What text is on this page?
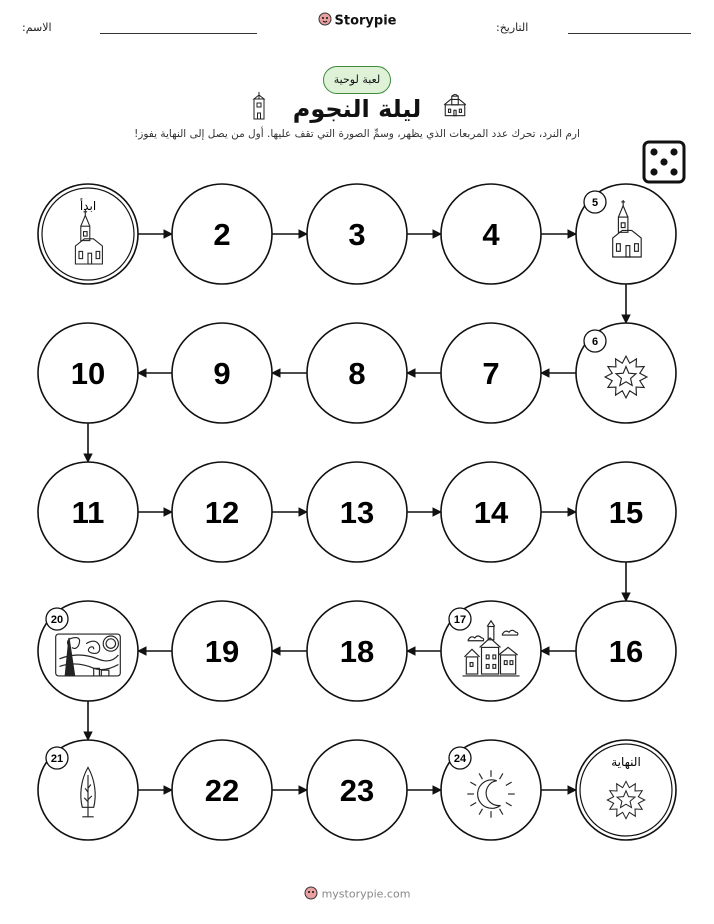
الاسم:	Storypie	التاريخ:
لعبة لوحية
ليلة النجوم
ارم النرد، تحرك عدد المربعات الذي يظهر، وسمِّ الصورة التي تقف عليها. أول من يصل إلى النهاية يفوز!
ابدأ
2	3	4
5
6
7
8
9
10
11	12	13	14	15
16
17
18
19
20
21
22	23
24	النهاية
mystorypie.com
